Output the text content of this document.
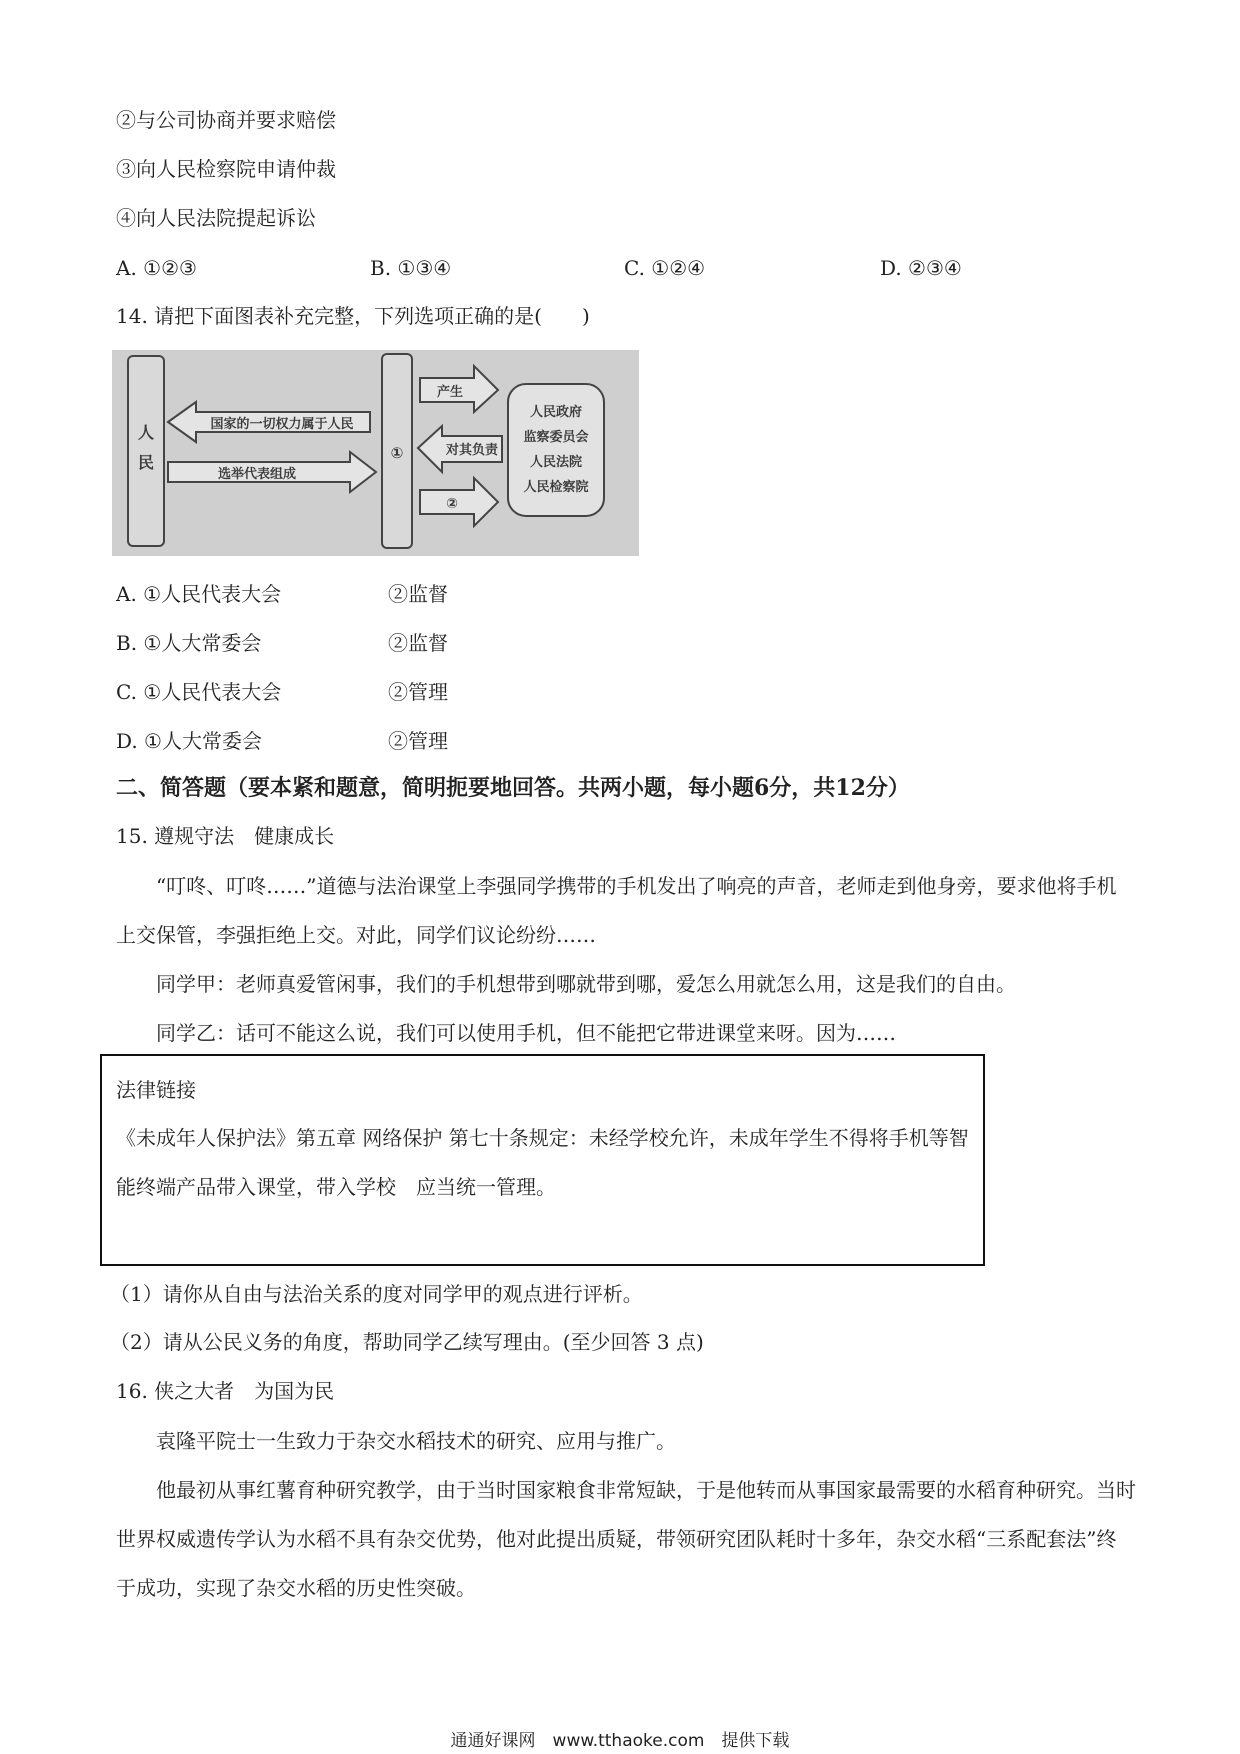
②与公司协商并要求赔偿
③向人民检察院申请仲裁
④向人民法院提起诉讼
A. ①②③	B. ①③④	C. ①②④	D. ②③④
14. 请把下面图表补充完整，下列选项正确的是(　　)
人
民
国家的一切权力属于人民
选举代表组成
①
产生
对其负责
②
人民政府
监察委员会
人民法院
人民检察院
A. ①人民代表大会	②监督
B. ①人大常委会	②监督
C. ①人民代表大会	②管理
D. ①人大常委会	②管理
二、简答题（要本紧和题意，简明扼要地回答。共两小题，每小题6分，共12分）
15. 遵规守法　健康成长
“叮咚、叮咚……”道德与法治课堂上李强同学携带的手机发出了响亮的声音，老师走到他身旁，要求他将手机上交保管，李强拒绝上交。对此，同学们议论纷纷……
同学甲：老师真爱管闲事，我们的手机想带到哪就带到哪，爱怎么用就怎么用，这是我们的自由。
同学乙：话可不能这么说，我们可以使用手机，但不能把它带进课堂来呀。因为……
法律链接
《未成年人保护法》第五章 网络保护 第七十条规定：未经学校允许，未成年学生不得将手机等智能终端产品带入课堂，带入学校　应当统一管理。
（1）请你从自由与法治关系的度对同学甲的观点进行评析。
（2）请从公民义务的角度，帮助同学乙续写理由。(至少回答 3 点)
16. 侠之大者　为国为民
袁隆平院士一生致力于杂交水稻技术的研究、应用与推广。
他最初从事红薯育种研究教学，由于当时国家粮食非常短缺，于是他转而从事国家最需要的水稻育种研究。当时世界权威遗传学认为水稻不具有杂交优势，他对此提出质疑，带领研究团队耗时十多年，杂交水稻“三系配套法”终于成功，实现了杂交水稻的历史性突破。
通通好课网　www.tthaoke.com　提供下载
